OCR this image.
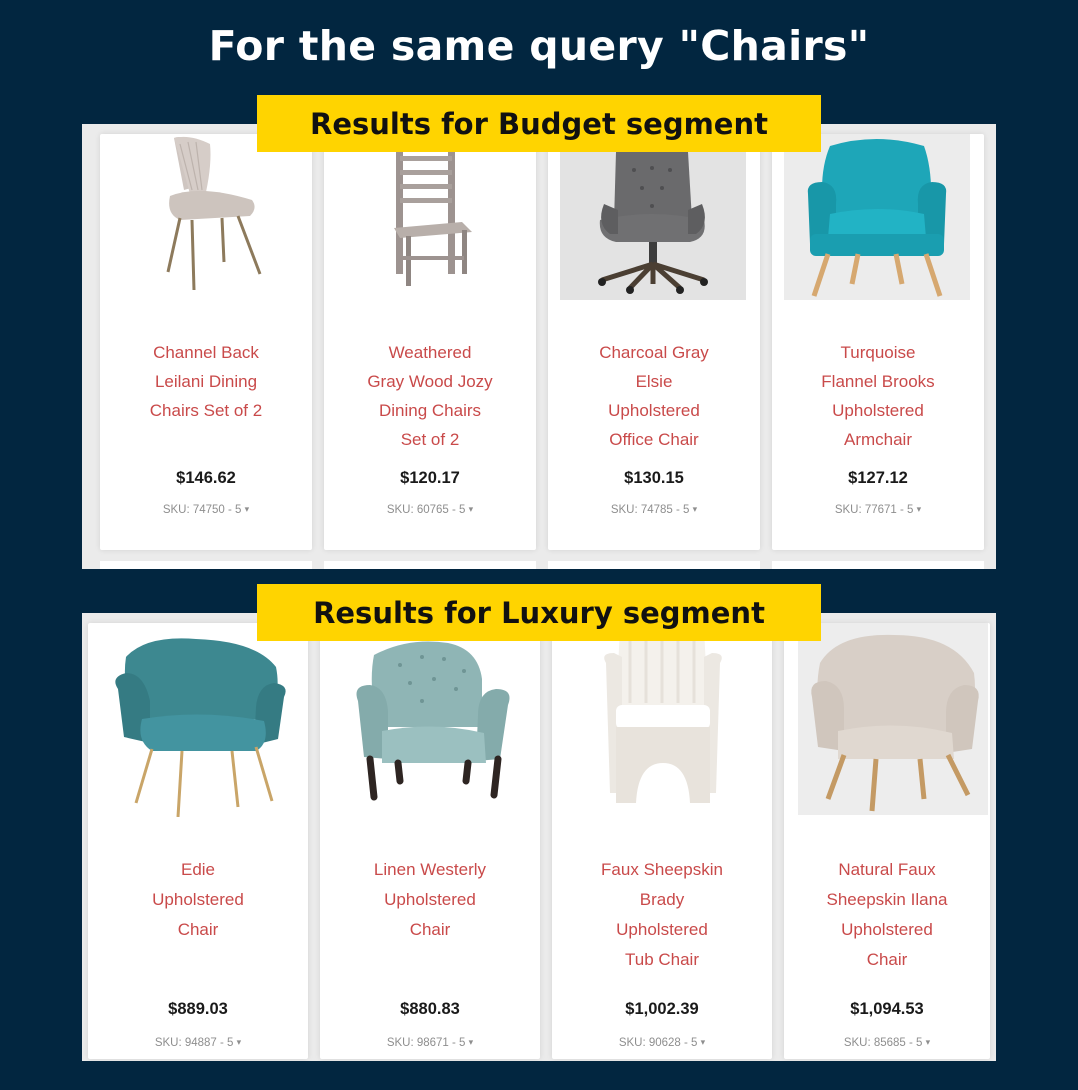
For the same query "Chairs"
Results for Budget segment
Results for Luxury segment
Channel Back
Leilani Dining
Chairs Set of 2
$146.62
SKU: 74750 - 5 ▾
Weathered
Gray Wood Jozy
Dining Chairs
Set of 2
$120.17
SKU: 60765 - 5 ▾
Charcoal Gray
Elsie
Upholstered
Office Chair
$130.15
SKU: 74785 - 5 ▾
Turquoise
Flannel Brooks
Upholstered
Armchair
$127.12
SKU: 77671 - 5 ▾
Edie
Upholstered
Chair
$889.03
SKU: 94887 - 5 ▾
Linen Westerly
Upholstered
Chair
$880.83
SKU: 98671 - 5 ▾
Faux Sheepskin
Brady
Upholstered
Tub Chair
$1,002.39
SKU: 90628 - 5 ▾
Natural Faux
Sheepskin Ilana
Upholstered
Chair
$1,094.53
SKU: 85685 - 5 ▾
